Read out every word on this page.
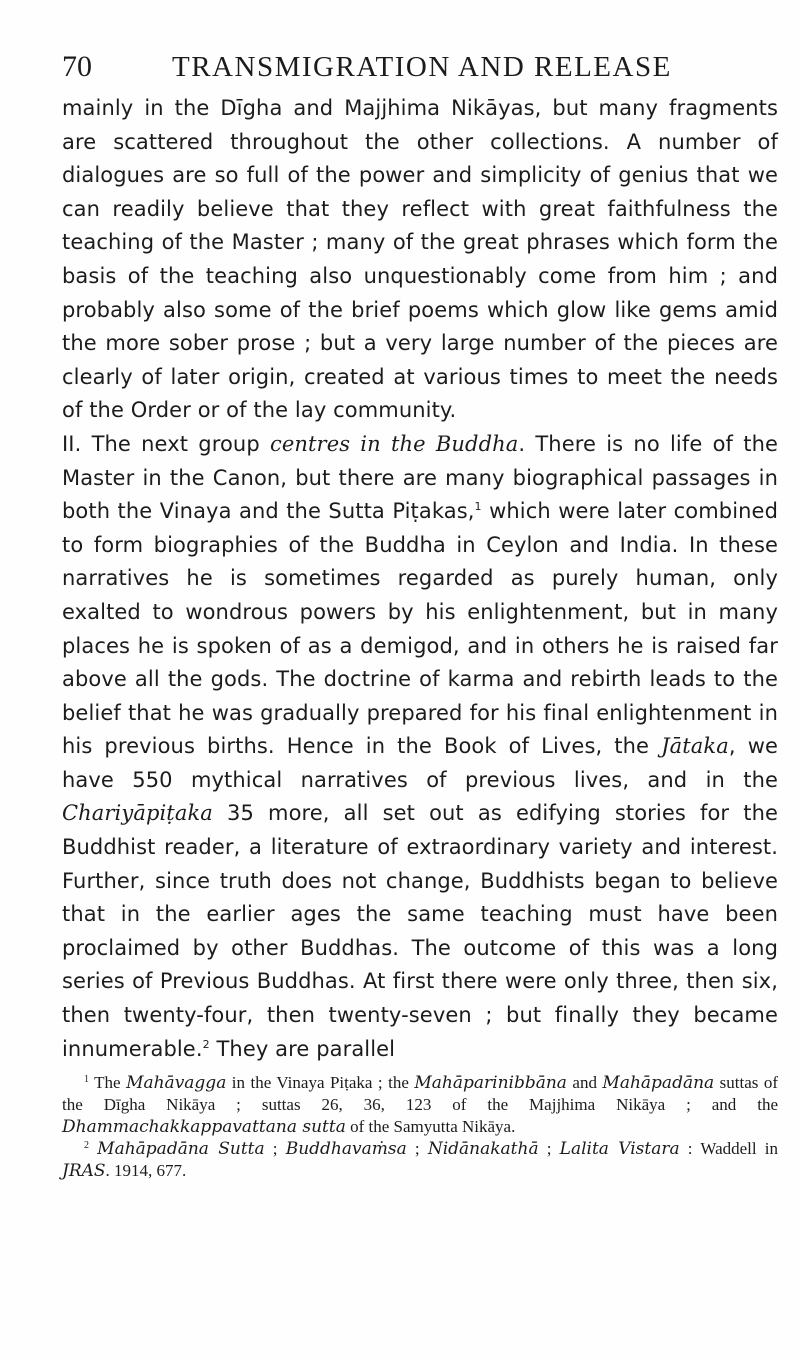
70	TRANSMIGRATION AND RELEASE

mainly in the Dīgha and Majjhima Nikāyas, but many fragments are scattered throughout the other collections. A number of dialogues are so full of the power and simplicity of genius that we can readily believe that they reflect with great faithfulness the teaching of the Master ; many of the great phrases which form the basis of the teaching also unquestionably come from him ; and probably also some of the brief poems which glow like gems amid the more sober prose ; but a very large number of the pieces are clearly of later origin, created at various times to meet the needs of the Order or of the lay community.

II. The next group centres in the Buddha. There is no life of the Master in the Canon, but there are many biographical passages in both the Vinaya and the Sutta Piṭakas,$^1$ which were later combined to form biographies of the Buddha in Ceylon and India. In these narratives he is sometimes regarded as purely human, only exalted to wondrous powers by his enlightenment, but in many places he is spoken of as a demigod, and in others he is raised far above all the gods. The doctrine of karma and rebirth leads to the belief that he was gradually prepared for his final enlightenment in his previous births. Hence in the Book of Lives, the Jātaka, we have 550 mythical narratives of previous lives, and in the Chariyāpiṭaka 35 more, all set out as edifying stories for the Buddhist reader, a literature of extraordinary variety and interest. Further, since truth does not change, Buddhists began to believe that in the earlier ages the same teaching must have been proclaimed by other Buddhas. The outcome of this was a long series of Previous Buddhas. At first there were only three, then six, then twenty-four, then twenty-seven ; but finally they became innumerable.$^2$ They are parallel

$^1$ The Mahāvagga in the Vinaya Piṭaka ; the Mahāparinibbāna and Mahāpadāna suttas of the Dīgha Nikāya ; suttas 26, 36, 123 of the Majjhima Nikāya ; and the Dhammachakkappavattana sutta of the Samyutta Nikāya.

$^2$ Mahāpadāna Sutta ; Buddhavaṁsa ; Nidānakathā ; Lalita Vistara : Waddell in JRAS. 1914, 677.
